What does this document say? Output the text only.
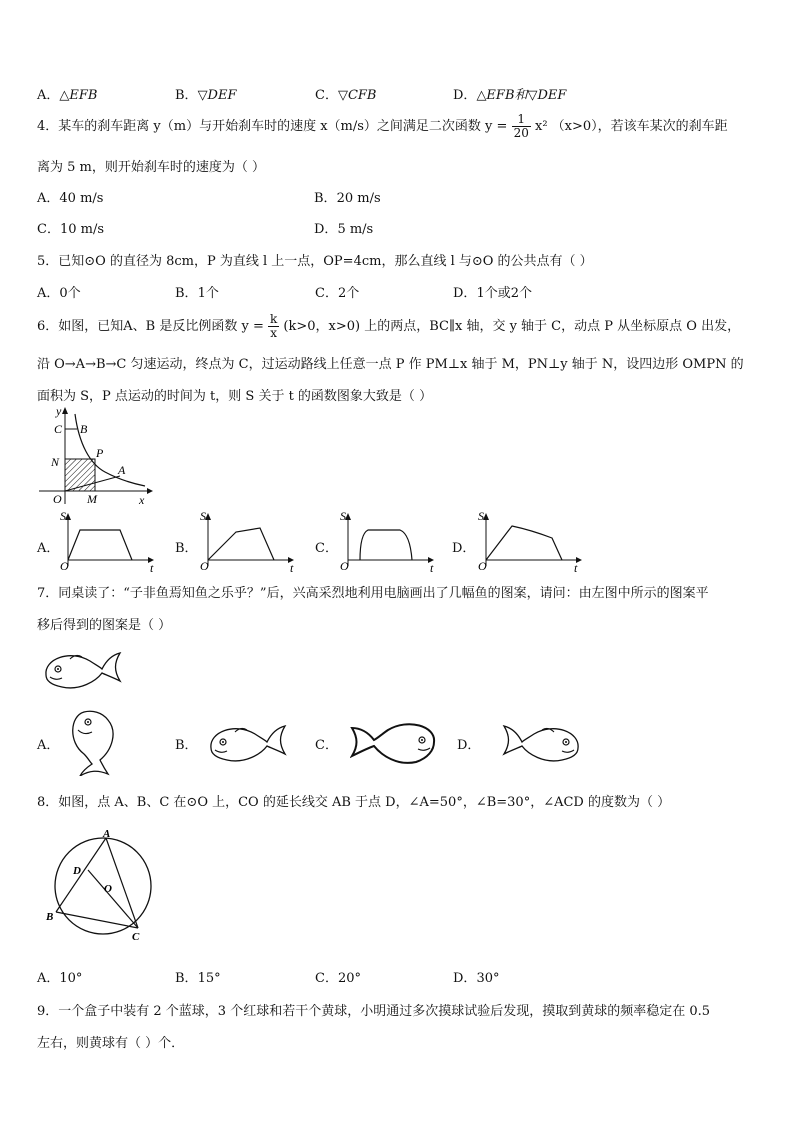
A．△EFB	B．▽DEF	C．▽CFB	D．△EFB和▽DEF
4．某车的刹车距离 y（m）与开始刹车时的速度 x（m/s）之间满足二次函数 $y = \frac{1}{20} x^2$ （x>0），若该车某次的刹车距
离为 5 m，则开始刹车时的速度为（ ）
A．40 m/s	B．20 m/s
C．10 m/s	D．5 m/s
5．已知⊙O 的直径为 8cm，P 为直线 l 上一点，OP=4cm，那么直线 l 与⊙O 的公共点有（ ）
A．0个	B．1个	C．2个	D．1个或2个
6．如图，已知A、B 是反比例函数 $y = \frac{k}{x} (k>0$，x>0) 上的两点，BC∥x 轴，交 y 轴于 C，动点 P 从坐标原点 O 出发，
沿 O→A→B→C 匀速运动，终点为 C，过运动路线上任意一点 P 作 PM⊥x 轴于 M，PN⊥y 轴于 N，设四边形 OMPN 的
面积为 S，P 点运动的时间为 t，则 S 关于 t 的函数图象大致是（ ）
y
C B
N
P
A
O M	x
A．
S
O	t
B．
S
O	t
C．
S
O	t
D．
S
O	t
7．同桌读了：“子非鱼焉知鱼之乐乎？”后，兴高采烈地利用电脑画出了几幅鱼的图案，请问：由左图中所示的图案平
移后得到的图案是（ ）
A．	B．	C．	D．
8．如图，点 A、B、C 在⊙O 上，CO 的延长线交 AB 于点 D，∠A=50°，∠B=30°，∠ACD 的度数为（ ）
A
D
O
B
C
A．10°	B．15°	C．20°	D．30°
9．一个盒子中装有 2 个蓝球，3 个红球和若干个黄球，小明通过多次摸球试验后发现，摸取到黄球的频率稳定在 0.5
左右，则黄球有（ ）个．
